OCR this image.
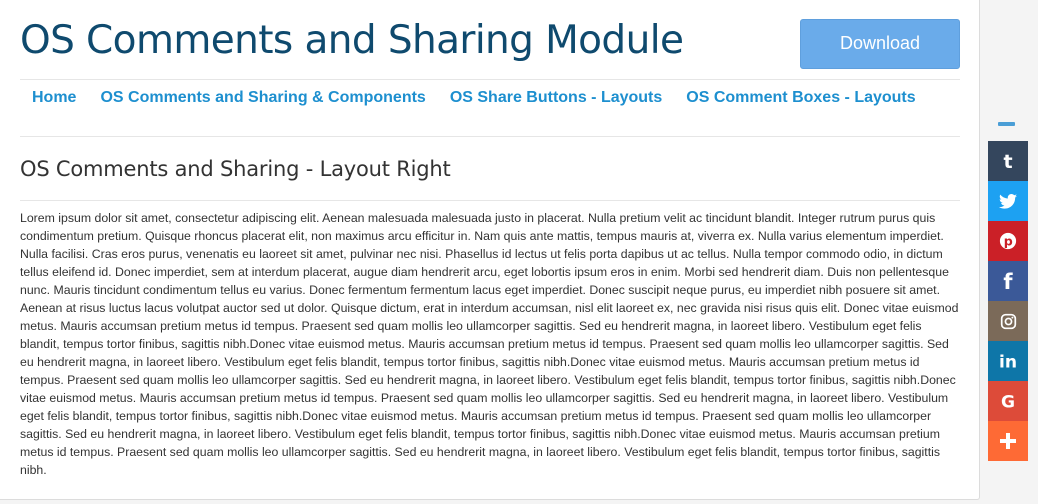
OS Comments and Sharing Module	Download
Home	OS Comments and Sharing & Components	OS Share Buttons - Layouts	OS Comment Boxes - Layouts
OS Comments and Sharing - Layout Right

Lorem ipsum dolor sit amet, consectetur adipiscing elit. Aenean malesuada malesuada justo in placerat. Nulla pretium velit ac tincidunt blandit. Integer rutrum purus quis condimentum pretium. Quisque rhoncus placerat elit, non maximus arcu efficitur in. Nam quis ante mattis, tempus mauris at, viverra ex. Nulla varius elementum imperdiet. Nulla facilisi. Cras eros purus, venenatis eu laoreet sit amet, pulvinar nec nisi. Phasellus id lectus ut felis porta dapibus ut ac tellus. Nulla tempor commodo odio, in dictum tellus eleifend id. Donec imperdiet, sem at interdum placerat, augue diam hendrerit arcu, eget lobortis ipsum eros in enim. Morbi sed hendrerit diam. Duis non pellentesque nunc. Mauris tincidunt condimentum tellus eu varius. Donec fermentum fermentum lacus eget imperdiet. Donec suscipit neque purus, eu imperdiet nibh posuere sit amet. Aenean at risus luctus lacus volutpat auctor sed ut dolor. Quisque dictum, erat in interdum accumsan, nisl elit laoreet ex, nec gravida nisi risus quis elit. Donec vitae euismod metus. Mauris accumsan pretium metus id tempus. Praesent sed quam mollis leo ullamcorper sagittis. Sed eu hendrerit magna, in laoreet libero. Vestibulum eget felis blandit, tempus tortor finibus, sagittis nibh.Donec vitae euismod metus. Mauris accumsan pretium metus id tempus. Praesent sed quam mollis leo ullamcorper sagittis. Sed eu hendrerit magna, in laoreet libero. Vestibulum eget felis blandit, tempus tortor finibus, sagittis nibh.Donec vitae euismod metus. Mauris accumsan pretium metus id tempus. Praesent sed quam mollis leo ullamcorper sagittis. Sed eu hendrerit magna, in laoreet libero. Vestibulum eget felis blandit, tempus tortor finibus, sagittis nibh.Donec vitae euismod metus. Mauris accumsan pretium metus id tempus. Praesent sed quam mollis leo ullamcorper sagittis. Sed eu hendrerit magna, in laoreet libero. Vestibulum eget felis blandit, tempus tortor finibus, sagittis nibh.Donec vitae euismod metus. Mauris accumsan pretium metus id tempus. Praesent sed quam mollis leo ullamcorper sagittis. Sed eu hendrerit magna, in laoreet libero. Vestibulum eget felis blandit, tempus tortor finibus, sagittis nibh.Donec vitae euismod metus. Mauris accumsan pretium metus id tempus. Praesent sed quam mollis leo ullamcorper sagittis. Sed eu hendrerit magna, in laoreet libero. Vestibulum eget felis blandit, tempus tortor finibus, sagittis nibh.

t
p
f
in
G
